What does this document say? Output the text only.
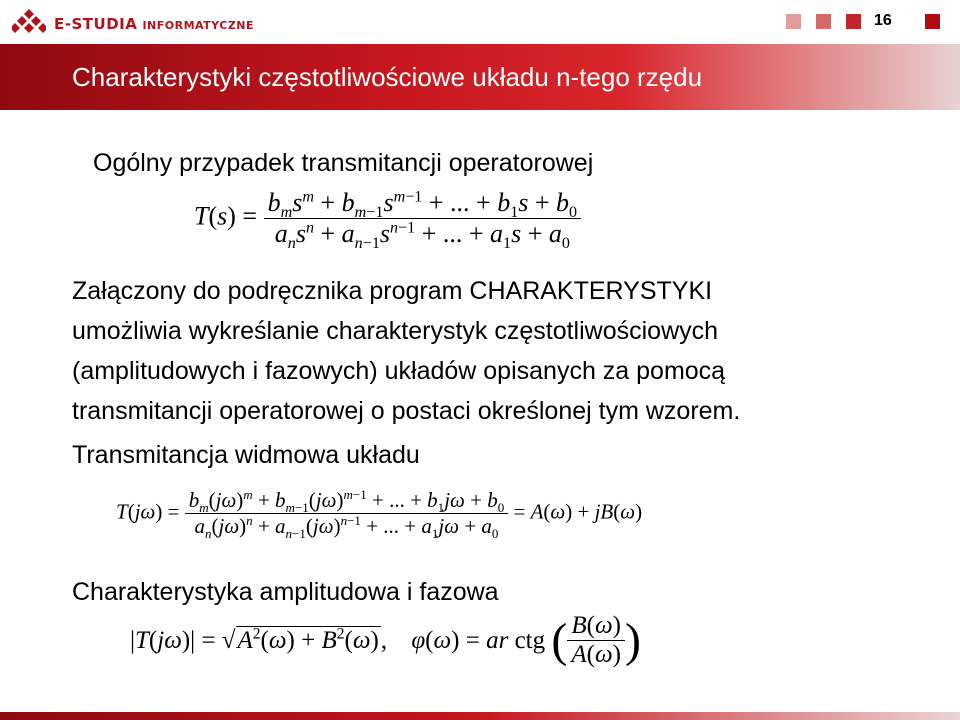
E-STUDIA INFORMATYCZNE	16
Charakterystyki częstotliwościowe układu n-tego rzędu
Ogólny przypadek transmitancji operatorowej
$T(s) = \frac{b_ms^m + b_{m-1}s^{m-1} + ... + b_1s + b_0}{a_ns^n + a_{n-1}s^{n-1} + ... + a_1s + a_0}$
Załączony do podręcznika program CHARAKTERYSTYKI
umożliwia wykreślanie charakterystyk częstotliwościowych
(amplitudowych i fazowych) układów opisanych za pomocą
transmitancji operatorowej o postaci określonej tym wzorem.
Transmitancja widmowa układu
$T(j\omega) = \frac{b_m(j\omega)^m + b_{m-1}(j\omega)^{m-1} + ... + b_1j\omega + b_0}{a_n(j\omega)^n + a_{n-1}(j\omega)^{n-1} + ... + a_1j\omega + a_0} = A(\omega) + jB(\omega)$
Charakterystyka amplitudowa i fazowa
$|T(j\omega)| = √A^2(\omega) + B^2(\omega)$, φ(ω) = ar ctg ( $\frac{B(\omega)}{A(\omega)}$ )
